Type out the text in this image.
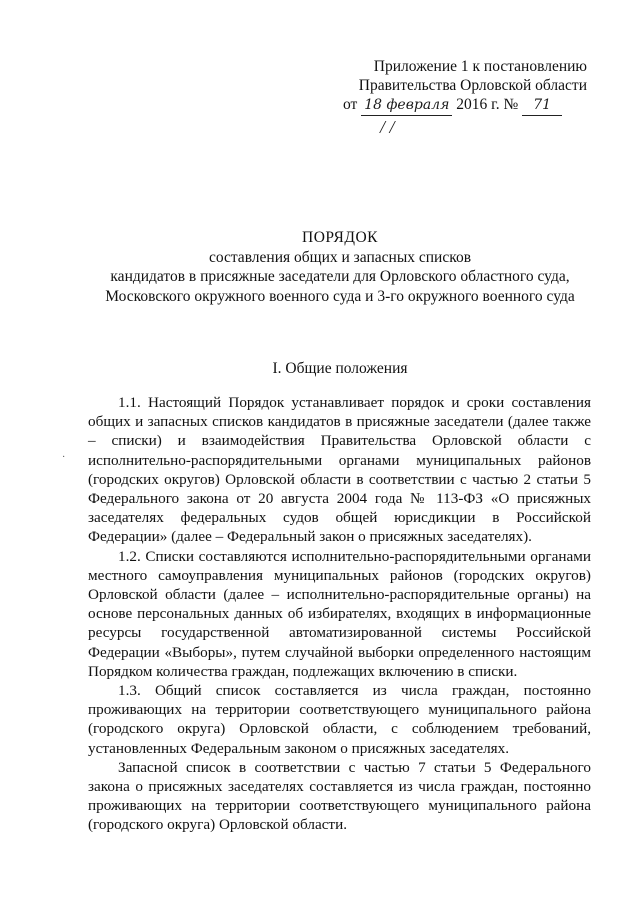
Приложение 1 к постановлению
Правительства Орловской области
от 18 февраля 2016 г. № 71
/ /
ПОРЯДОК
составления общих и запасных списков
кандидатов в присяжные заседатели для Орловского областного суда,
Московского окружного военного суда и 3-го окружного военного суда
I. Общие положения
·

1.1. Настоящий Порядок устанавливает порядок и сроки составления общих и запасных списков кандидатов в присяжные заседатели (далее также – списки) и взаимодействия Правительства Орловской области с исполнительно-распорядительными органами муниципальных районов (городских округов) Орловской области в соответствии с частью 2 статьи 5 Федерального закона от 20 августа 2004 года № 113-ФЗ «О присяжных заседателях федеральных судов общей юрисдикции в Российской Федерации» (далее – Федеральный закон о присяжных заседателях).

1.2. Списки составляются исполнительно-распорядительными органами местного самоуправления муниципальных районов (городских округов) Орловской области (далее – исполнительно-распорядительные органы) на основе персональных данных об избирателях, входящих в информационные ресурсы государственной автоматизированной системы Российской Федерации «Выборы», путем случайной выборки определенного настоящим Порядком количества граждан, подлежащих включению в списки.

1.3. Общий список составляется из числа граждан, постоянно проживающих на территории соответствующего муниципального района (городского округа) Орловской области, с соблюдением требований, установленных Федеральным законом о присяжных заседателях.

Запасной список в соответствии с частью 7 статьи 5 Федерального закона о присяжных заседателях составляется из числа граждан, постоянно проживающих на территории соответствующего муниципального района (городского округа) Орловской области.
